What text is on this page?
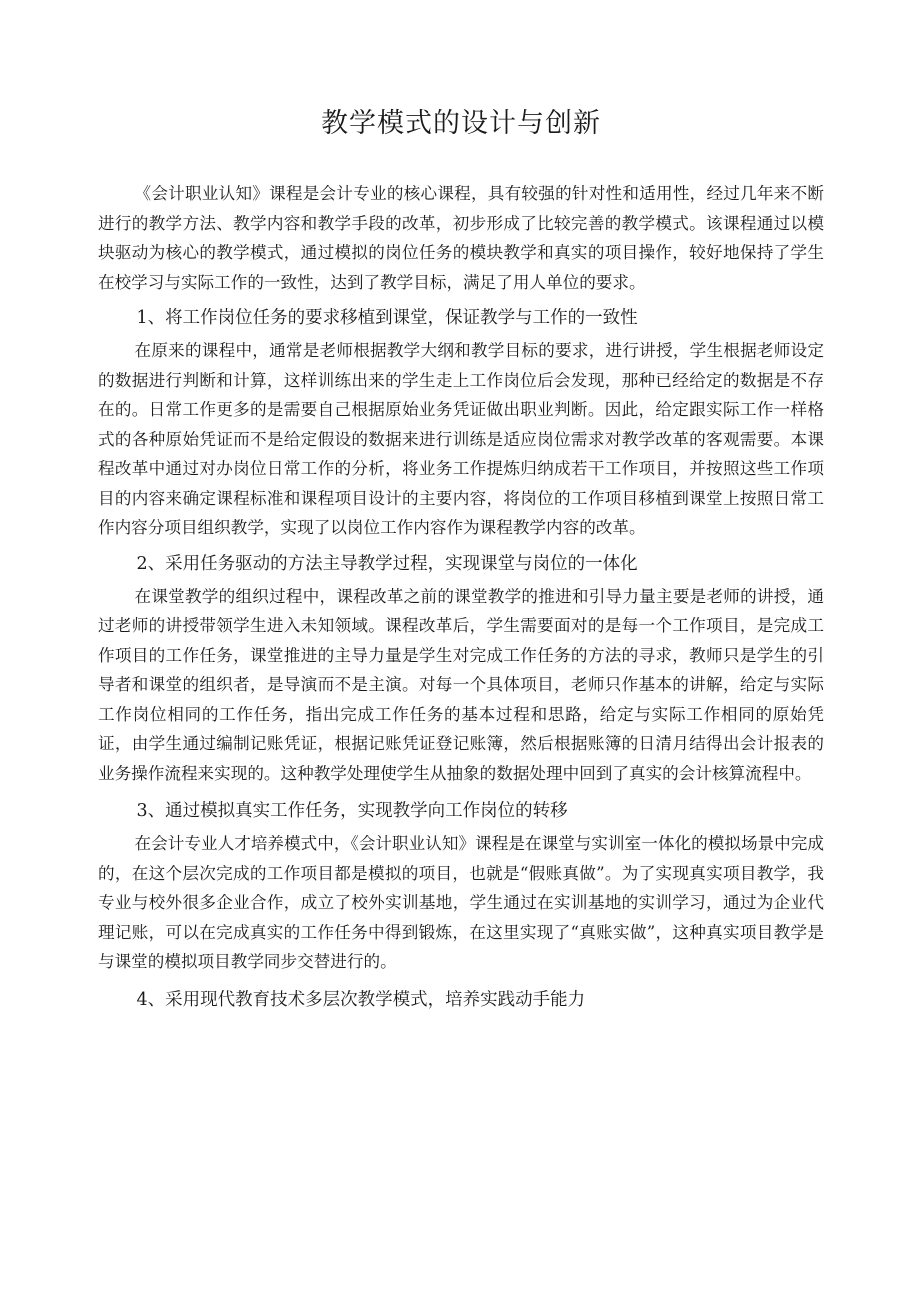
教学模式的设计与创新

《会计职业认知》课程是会计专业的核心课程，具有较强的针对性和适用性，经过几年来不断进行的教学方法、教学内容和教学手段的改革，初步形成了比较完善的教学模式。该课程通过以模块驱动为核心的教学模式，通过模拟的岗位任务的模块教学和真实的项目操作，较好地保持了学生在校学习与实际工作的一致性，达到了教学目标，满足了用人单位的要求。

1、将工作岗位任务的要求移植到课堂，保证教学与工作的一致性

在原来的课程中，通常是老师根据教学大纲和教学目标的要求，进行讲授，学生根据老师设定的数据进行判断和计算，这样训练出来的学生走上工作岗位后会发现，那种已经给定的数据是不存在的。日常工作更多的是需要自己根据原始业务凭证做出职业判断。因此，给定跟实际工作一样格式的各种原始凭证而不是给定假设的数据来进行训练是适应岗位需求对教学改革的客观需要。本课程改革中通过对办岗位日常工作的分析，将业务工作提炼归纳成若干工作项目，并按照这些工作项目的内容来确定课程标准和课程项目设计的主要内容，将岗位的工作项目移植到课堂上按照日常工作内容分项目组织教学，实现了以岗位工作内容作为课程教学内容的改革。

2、采用任务驱动的方法主导教学过程，实现课堂与岗位的一体化

在课堂教学的组织过程中，课程改革之前的课堂教学的推进和引导力量主要是老师的讲授，通过老师的讲授带领学生进入未知领域。课程改革后，学生需要面对的是每一个工作项目，是完成工作项目的工作任务，课堂推进的主导力量是学生对完成工作任务的方法的寻求，教师只是学生的引导者和课堂的组织者，是导演而不是主演。对每一个具体项目，老师只作基本的讲解，给定与实际工作岗位相同的工作任务，指出完成工作任务的基本过程和思路，给定与实际工作相同的原始凭证，由学生通过编制记账凭证，根据记账凭证登记账簿，然后根据账簿的日清月结得出会计报表的业务操作流程来实现的。这种教学处理使学生从抽象的数据处理中回到了真实的会计核算流程中。

3、通过模拟真实工作任务，实现教学向工作岗位的转移

在会计专业人才培养模式中，《会计职业认知》课程是在课堂与实训室一体化的模拟场景中完成的，在这个层次完成的工作项目都是模拟的项目，也就是“假账真做”。为了实现真实项目教学，我专业与校外很多企业合作，成立了校外实训基地，学生通过在实训基地的实训学习，通过为企业代理记账，可以在完成真实的工作任务中得到锻炼，在这里实现了“真账实做”，这种真实项目教学是与课堂的模拟项目教学同步交替进行的。

4、采用现代教育技术多层次教学模式，培养实践动手能力
